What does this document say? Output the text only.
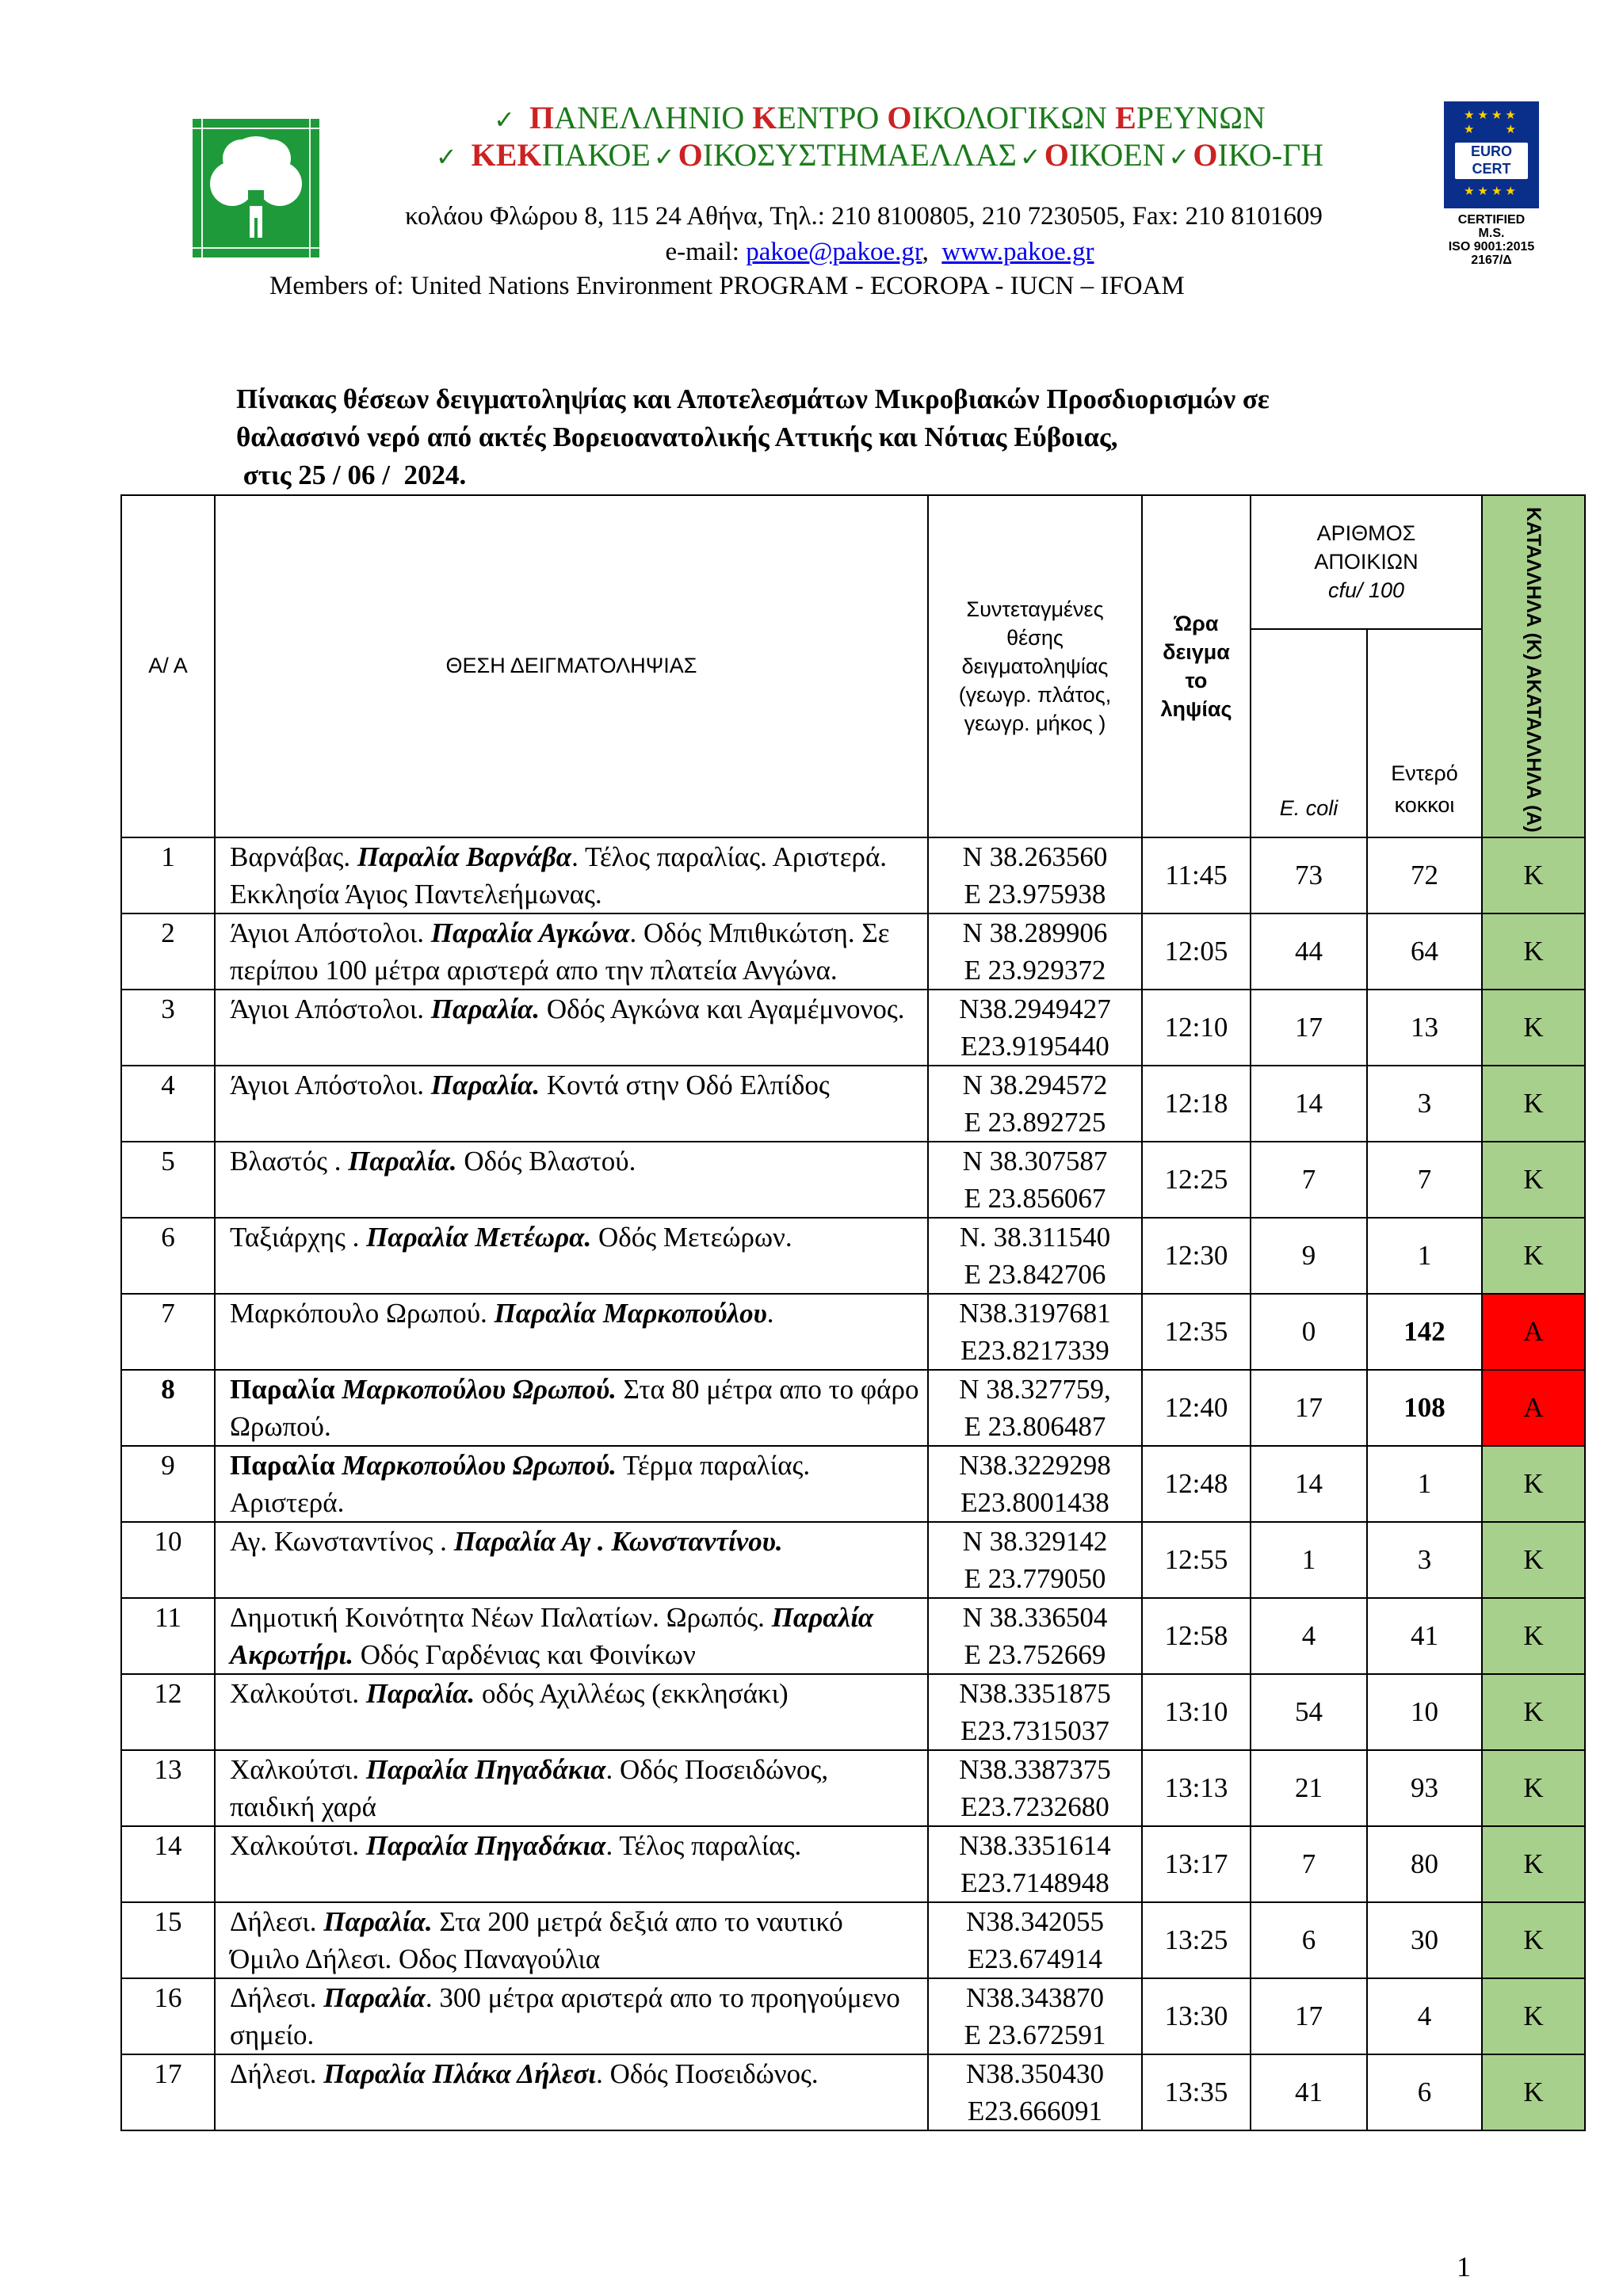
✓ ΠΑΝΕΛΛΗΝΙΟ ΚΕΝΤΡΟ ΟΙΚΟΛΟΓΙΚΩΝ ΕΡΕΥΝΩΝ
✓ ΚΕΚΠΑΚΟΕ ✓ ΟΙΚΟΣΥΣΤΗΜΑΕΛΛΑΣ ✓ ΟΙΚΟΕΝ ✓ ΟΙΚΟ-ΓΗ
κολάου Φλώρου 8, 115 24 Αθήνα, Τηλ.: 210 8100805, 210 7230505, Fax: 210 8101609
e-mail: pakoe@pakoe.gr,  www.pakoe.gr
Members of: United Nations Environment PROGRAM - ECOROPA - IUCN – IFOAM
★★★★
★    ★
EURO
CERT
★★★★
CERTIFIED M.S.
ISO 9001:2015
2167/Δ
Πίνακας θέσεων δειγματοληψίας και Αποτελεσμάτων Μικροβιακών Προσδιορισμών σε
θαλασσινό νερό από ακτές Βορειοανατολικής Αττικής και Νότιας Εύβοιας,
στις 25 / 06 /  2024.
Α/ Α	ΘΕΣΗ ΔΕΙΓΜΑΤΟΛΗΨΙΑΣ	Συντεταγμένες θέσης δειγματοληψίας (γεωγρ. πλάτος, γεωγρ. μήκος )	Ώρα δειγμα το ληψίας	ΑΡΙΘΜΟΣ ΑΠΟΙΚΙΩΝ
cfu/ 100		ΚΑΤΑΛΛΗΛΑ (Κ) ΑΚΑΤΑΛΛΗΛΑ (Α)
				E. coli	Εντερό κοκκοι	
1	Βαρνάβας. Παραλία Βαρνάβα. Τέλος παραλίας. Αριστερά. Εκκλησία Άγιος Παντελεήμωνας.	N 38.263560
E 23.975938	11:45	73	72	Κ
2	Άγιοι Απόστολοι. Παραλία Αγκώνα. Οδός Μπιθικώτση. Σε περίπου 100 μέτρα αριστερά απο την πλατεία Ανγώνα.	N 38.289906
E 23.929372	12:05	44	64	Κ
3	Άγιοι Απόστολοι. Παραλία. Οδός Αγκώνα και Αγαμέμνονος.	N38.2949427
E23.9195440	12:10	17	13	Κ
4	Άγιοι Απόστολοι. Παραλία. Κοντά στην Οδό Ελπίδος	N 38.294572
E 23.892725	12:18	14	3	Κ
5	Βλαστός . Παραλία. Οδός Βλαστού.	N 38.307587
E 23.856067	12:25	7	7	Κ
6	Ταξιάρχης . Παραλία Μετέωρα. Οδός Μετεώρων.	N. 38.311540
E 23.842706	12:30	9	1	Κ
7	Μαρκόπουλο Ωρωπού. Παραλία Μαρκοπούλου.	N38.3197681
E23.8217339	12:35	0	142	Α
8	Παραλία Μαρκοπούλου Ωρωπού. Στα 80 μέτρα απο το φάρο Ωρωπού.	N 38.327759,
E 23.806487	12:40	17	108	Α
9	Παραλία Μαρκοπούλου Ωρωπού. Τέρμα παραλίας. Αριστερά.	N38.3229298
E23.8001438	12:48	14	1	Κ
10	Αγ. Κωνσταντίνος . Παραλία Αγ . Κωνσταντίνου.	N 38.329142
E 23.779050	12:55	1	3	Κ
11	Δημοτική Κοινότητα Νέων Παλατίων. Ωρωπός. Παραλία Ακρωτήρι. Οδός Γαρδένιας και Φοινίκων	N 38.336504
E 23.752669	12:58	4	41	Κ
12	Χαλκούτσι. Παραλία. οδός Αχιλλέως (εκκλησάκι)	N38.3351875
E23.7315037	13:10	54	10	Κ
13	Χαλκούτσι. Παραλία Πηγαδάκια. Οδός Ποσειδώνος, παιδική χαρά	N38.3387375
E23.7232680	13:13	21	93	Κ
14	Χαλκούτσι. Παραλία Πηγαδάκια. Τέλος παραλίας.	N38.3351614
E23.7148948	13:17	7	80	Κ
15	Δήλεσι. Παραλία. Στα 200 μετρά δεξιά απο το ναυτικό Όμιλο Δήλεσι. Οδος Παναγούλια	N38.342055
E23.674914	13:25	6	30	Κ
16	Δήλεσι. Παραλία. 300 μέτρα αριστερά απο το προηγούμενο σημείο.	N38.343870
E 23.672591	13:30	17	4	Κ
17	Δήλεσι. Παραλία Πλάκα Δήλεσι. Οδός Ποσειδώνος.	N38.350430
E23.666091	13:35	41	6	Κ
1
